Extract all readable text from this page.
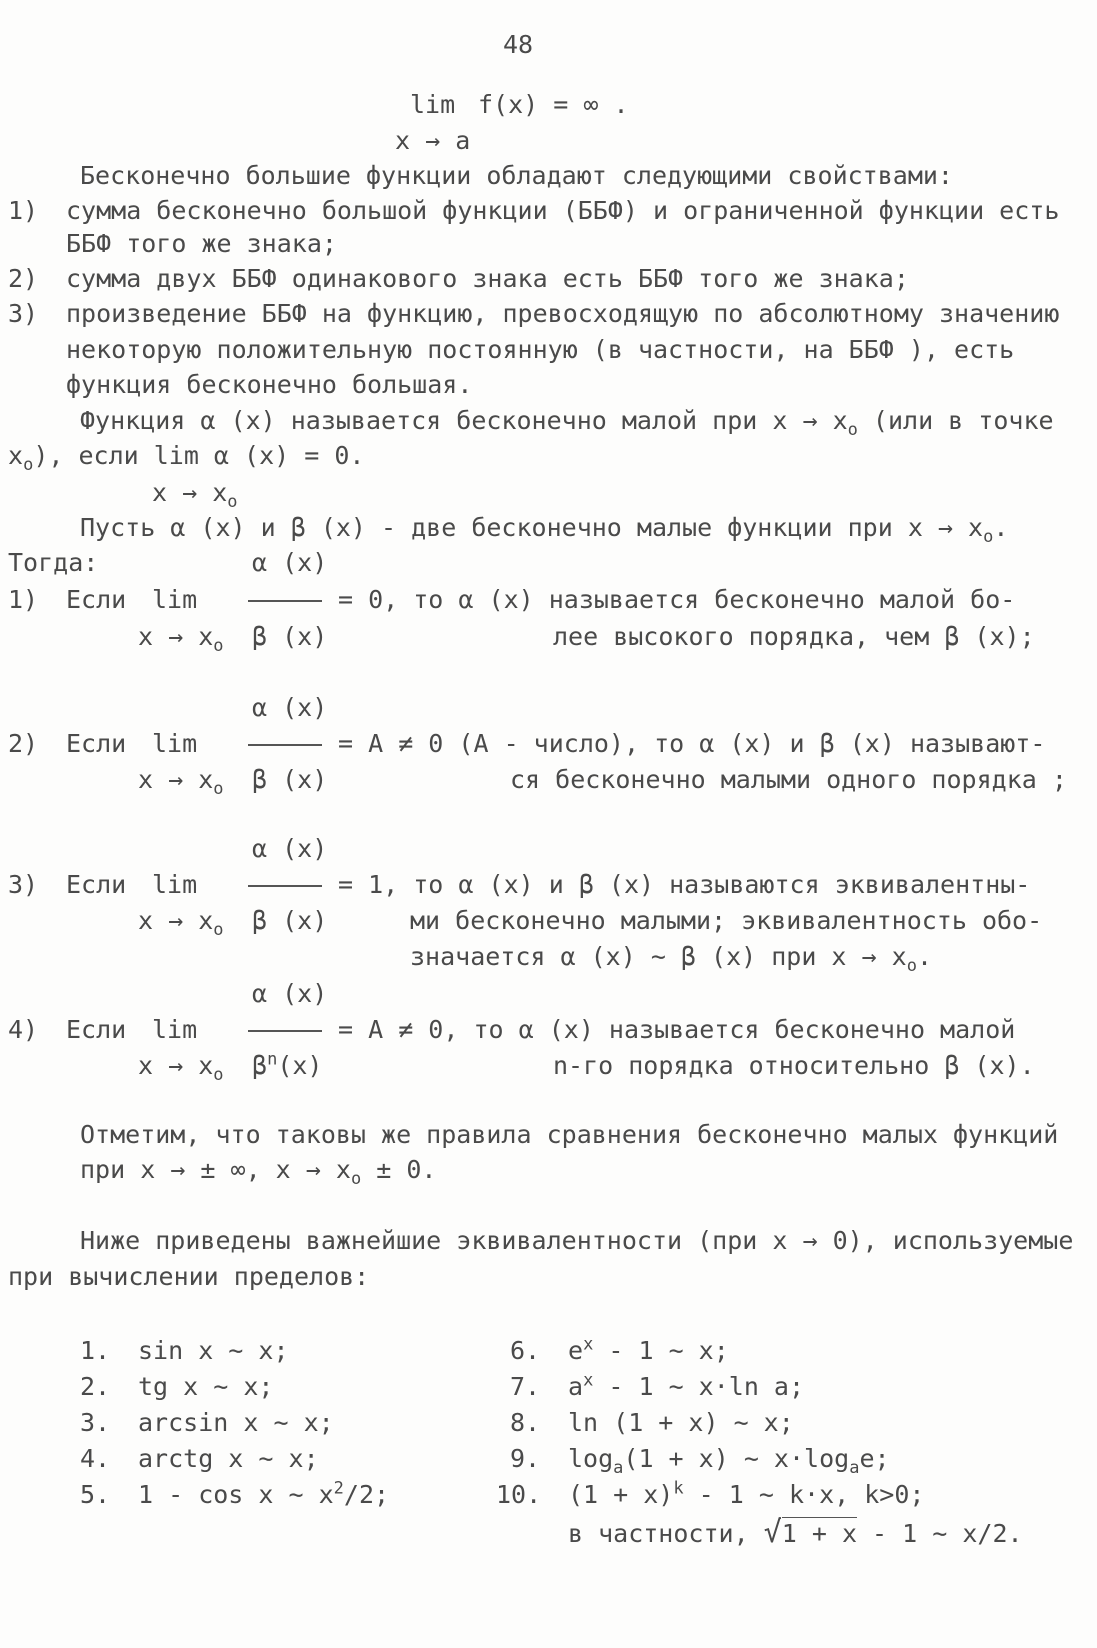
48
lim f(x) = ∞ .
x → a
Бесконечно большие функции обладают следующими свойствами:
1) сумма бесконечно большой функции (ББФ) и ограниченной функции есть
ББФ того же знака;
2) сумма двух ББФ одинакового знака есть ББФ того же знака;
3) произведение ББФ на функцию, превосходящую по абсолютному значению
некоторую положительную постоянную (в частности, на ББФ ), есть
функция бесконечно большая.
Функция α (x) называется бесконечно малой при $x \to x_o$ (или в точке
$x_o$), если lim α (x) = 0.
$x \to x_o$
Пусть α (x) и β (x) - две бесконечно малые функции при $x \to x_o$.
Тогда:	α (x)
1) Если lim	= 0, то α (x) называется бесконечно малой бо-
$x \to x_o$ β (x)	лее высокого порядка, чем β (x);
α (x)
2) Если lim	= A ≠ 0 (A - число), то α (x) и β (x) называют-
$x \to x_o$ β (x)	ся бесконечно малыми одного порядка ;
α (x)
3) Если lim	= 1, то α (x) и β (x) называются эквивалентны-
$x \to x_o$ β (x)	ми бесконечно малыми; эквивалентность обо-
значается α (x) ∼ β (x) при $x \to x_o$.
α (x)
4) Если lim	= A ≠ 0, то α (x) называется бесконечно малой
$x \to x_o$ $\beta^n(x)$	n-го порядка относительно β (x).
Отметим, что таковы же правила сравнения бесконечно малых функций
при x → ± ∞, $x \to x_o \pm 0$.
Ниже приведены важнейшие эквивалентности (при x → 0), используемые
при вычислении пределов:
1. sin x ∼ x;
2. tg x ∼ x;
3. arcsin x ∼ x;
4. arctg x ∼ x;
5. 1 - cos x ∼ $x^2/2$;
6. $e^x - 1$ ∼ x;
7. $a^x - 1$ ∼ x·ln a;
8. ln (1 + x) ∼ x;
9. $\log_a(1 + x)$ ∼ $x\cdot\log_ae$;
10. $(1 + x)^k - 1$ ∼ k·x, k>0;
в частности, √1 + x - 1 ∼ x/2.
